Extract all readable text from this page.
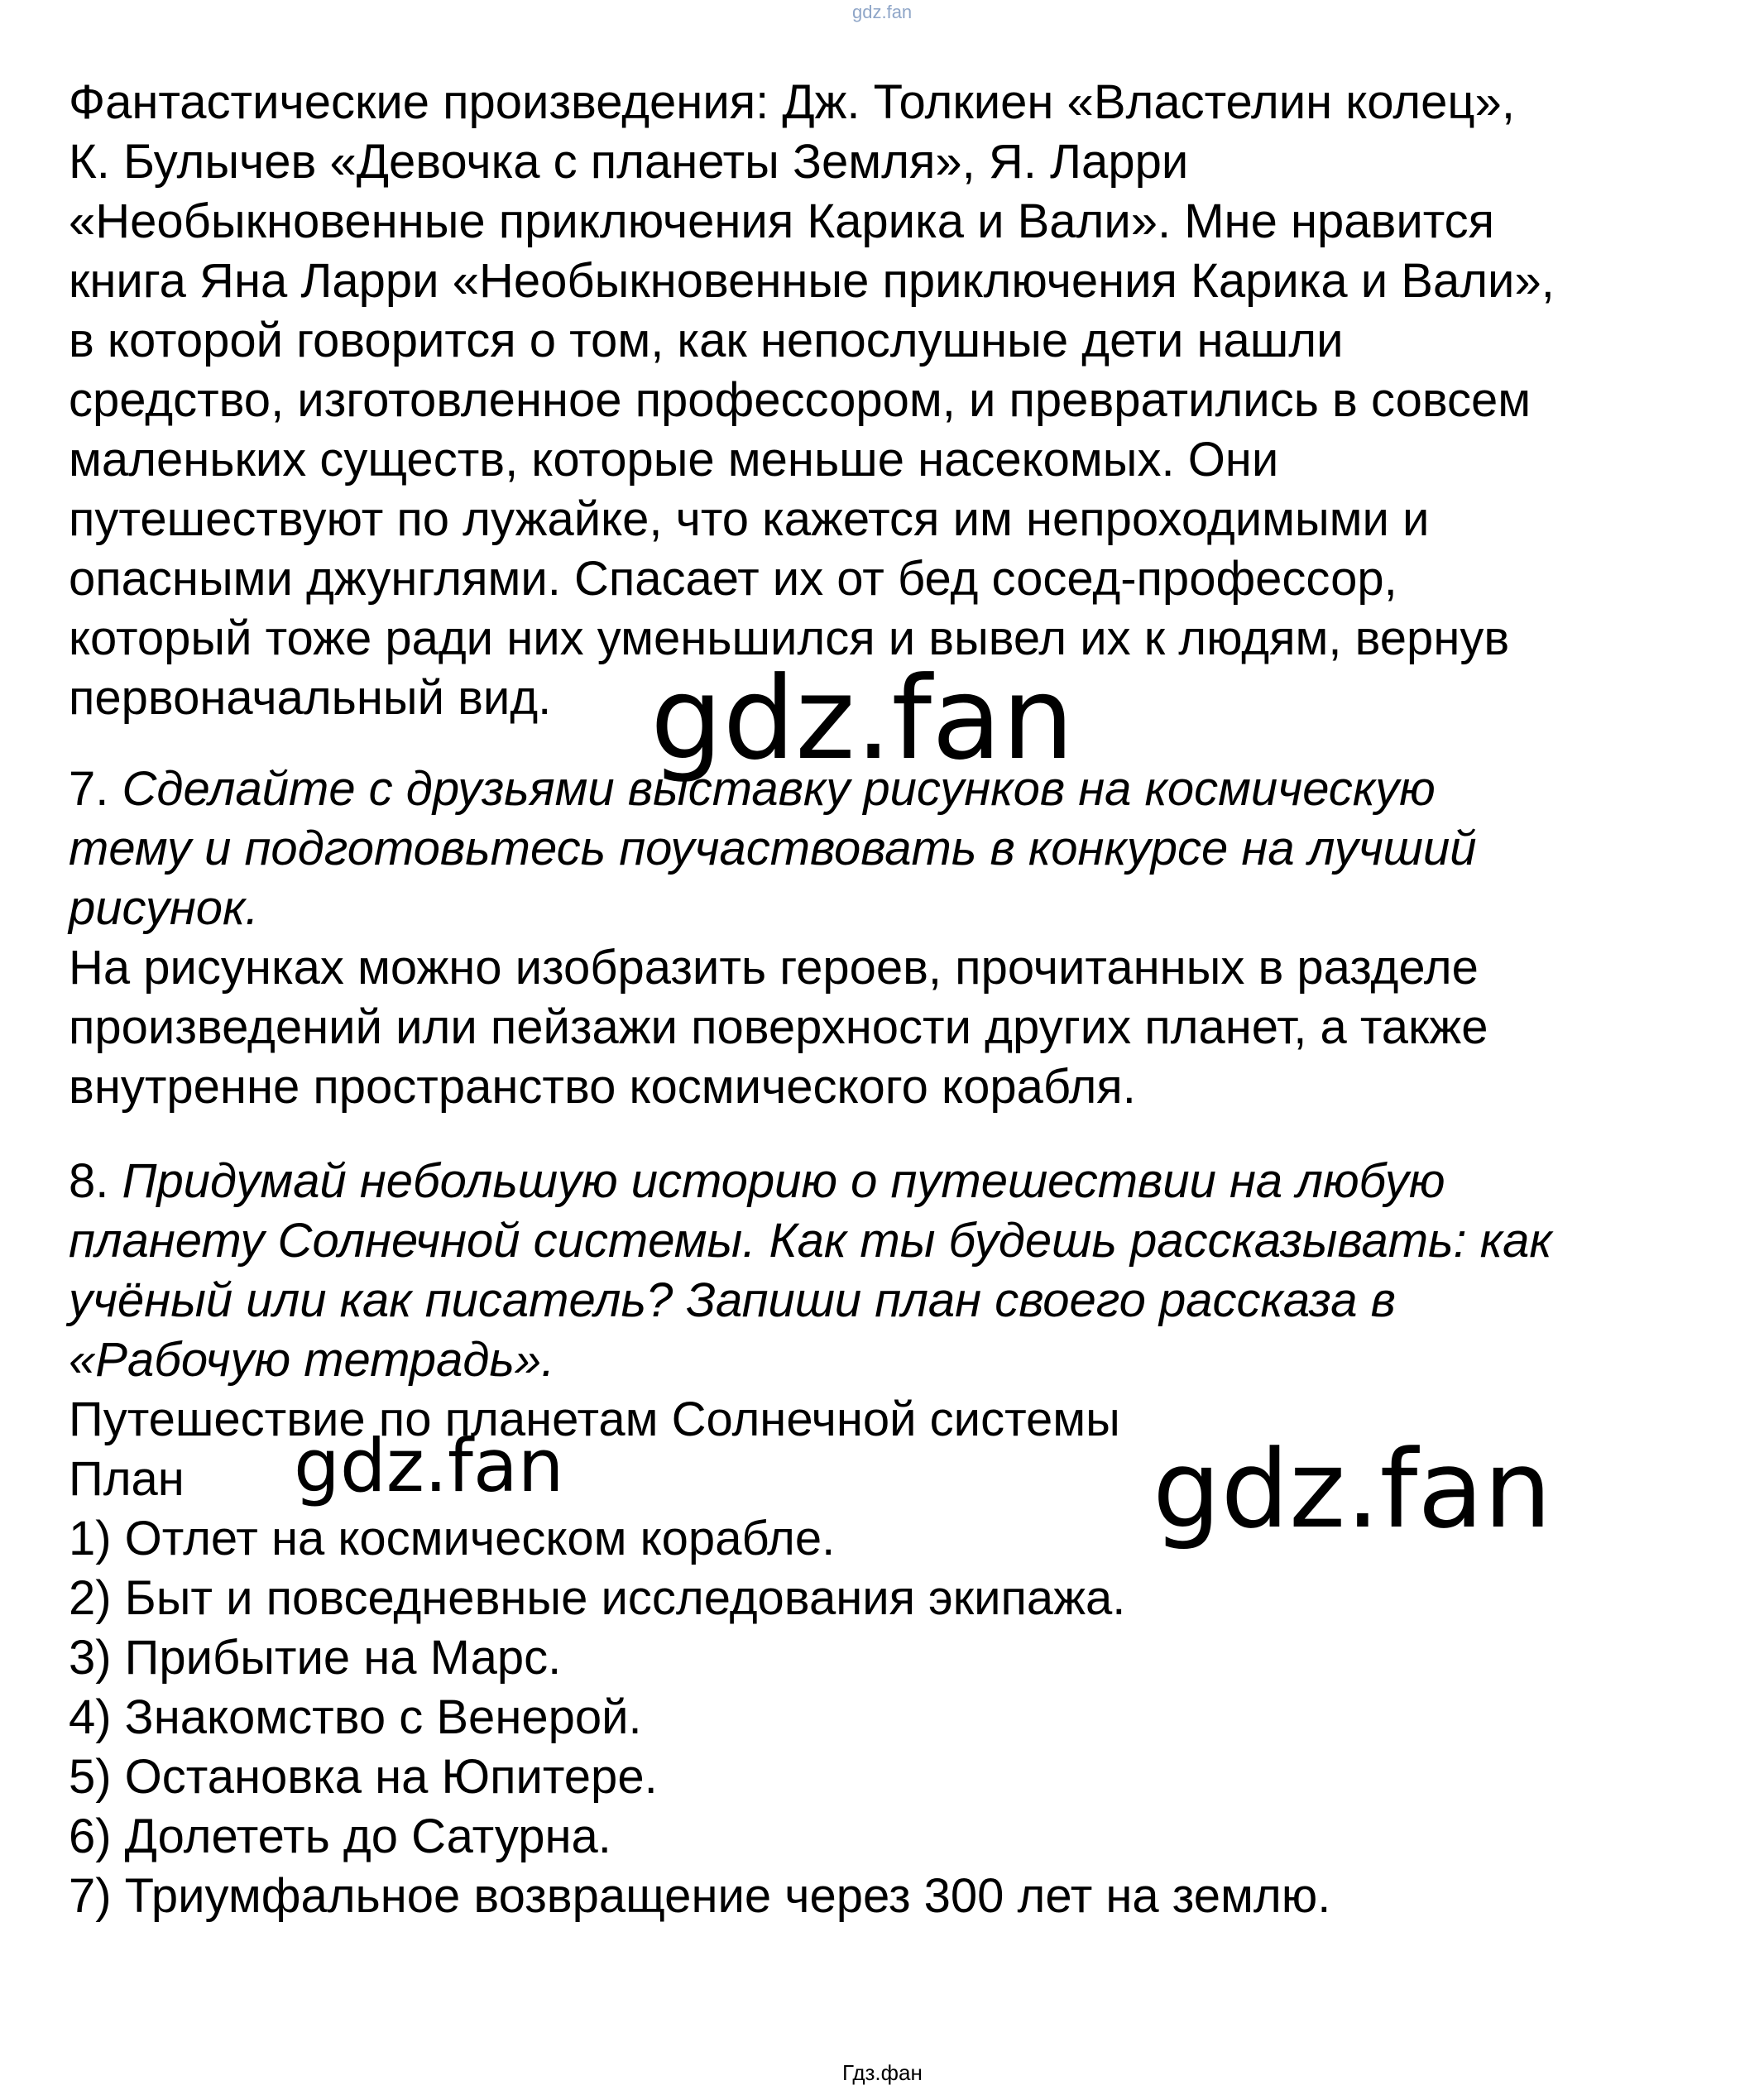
gdz.fan
Фантастические произведения: Дж. Толкиен «Властелин колец»,
К. Булычев «Девочка с планеты Земля», Я. Ларри
«Необыкновенные приключения Карика и Вали». Мне нравится
книга Яна Ларри «Необыкновенные приключения Карика и Вали»,
в которой говорится о том, как непослушные дети нашли
средство, изготовленное профессором, и превратились в совсем
маленьких существ, которые меньше насекомых. Они
путешествуют по лужайке, что кажется им непроходимыми и
опасными джунглями. Спасает их от бед сосед-профессор,
который тоже ради них уменьшился и вывел их к людям, вернув
первоначальный вид.
7. Сделайте с друзьями выставку рисунков на космическую
тему и подготовьтесь поучаствовать в конкурсе на лучший
рисунок.
На рисунках можно изобразить героев, прочитанных в разделе
произведений или пейзажи поверхности других планет, а также
внутренне пространство космического корабля.
8. Придумай небольшую историю о путешествии на любую
планету Солнечной системы. Как ты будешь рассказывать: как
учёный или как писатель? Запиши план своего рассказа в
«Рабочую тетрадь».
Путешествие по планетам Солнечной системы
План
1) Отлет на космическом корабле.
2) Быт и повседневные исследования экипажа.
3) Прибытие на Марс.
4) Знакомство с Венерой.
5) Остановка на Юпитере.
6) Долететь до Сатурна.
7) Триумфальное возвращение через 300 лет на землю.
gdz.fan
gdz.fan	gdz.fan
Гдз.фан
